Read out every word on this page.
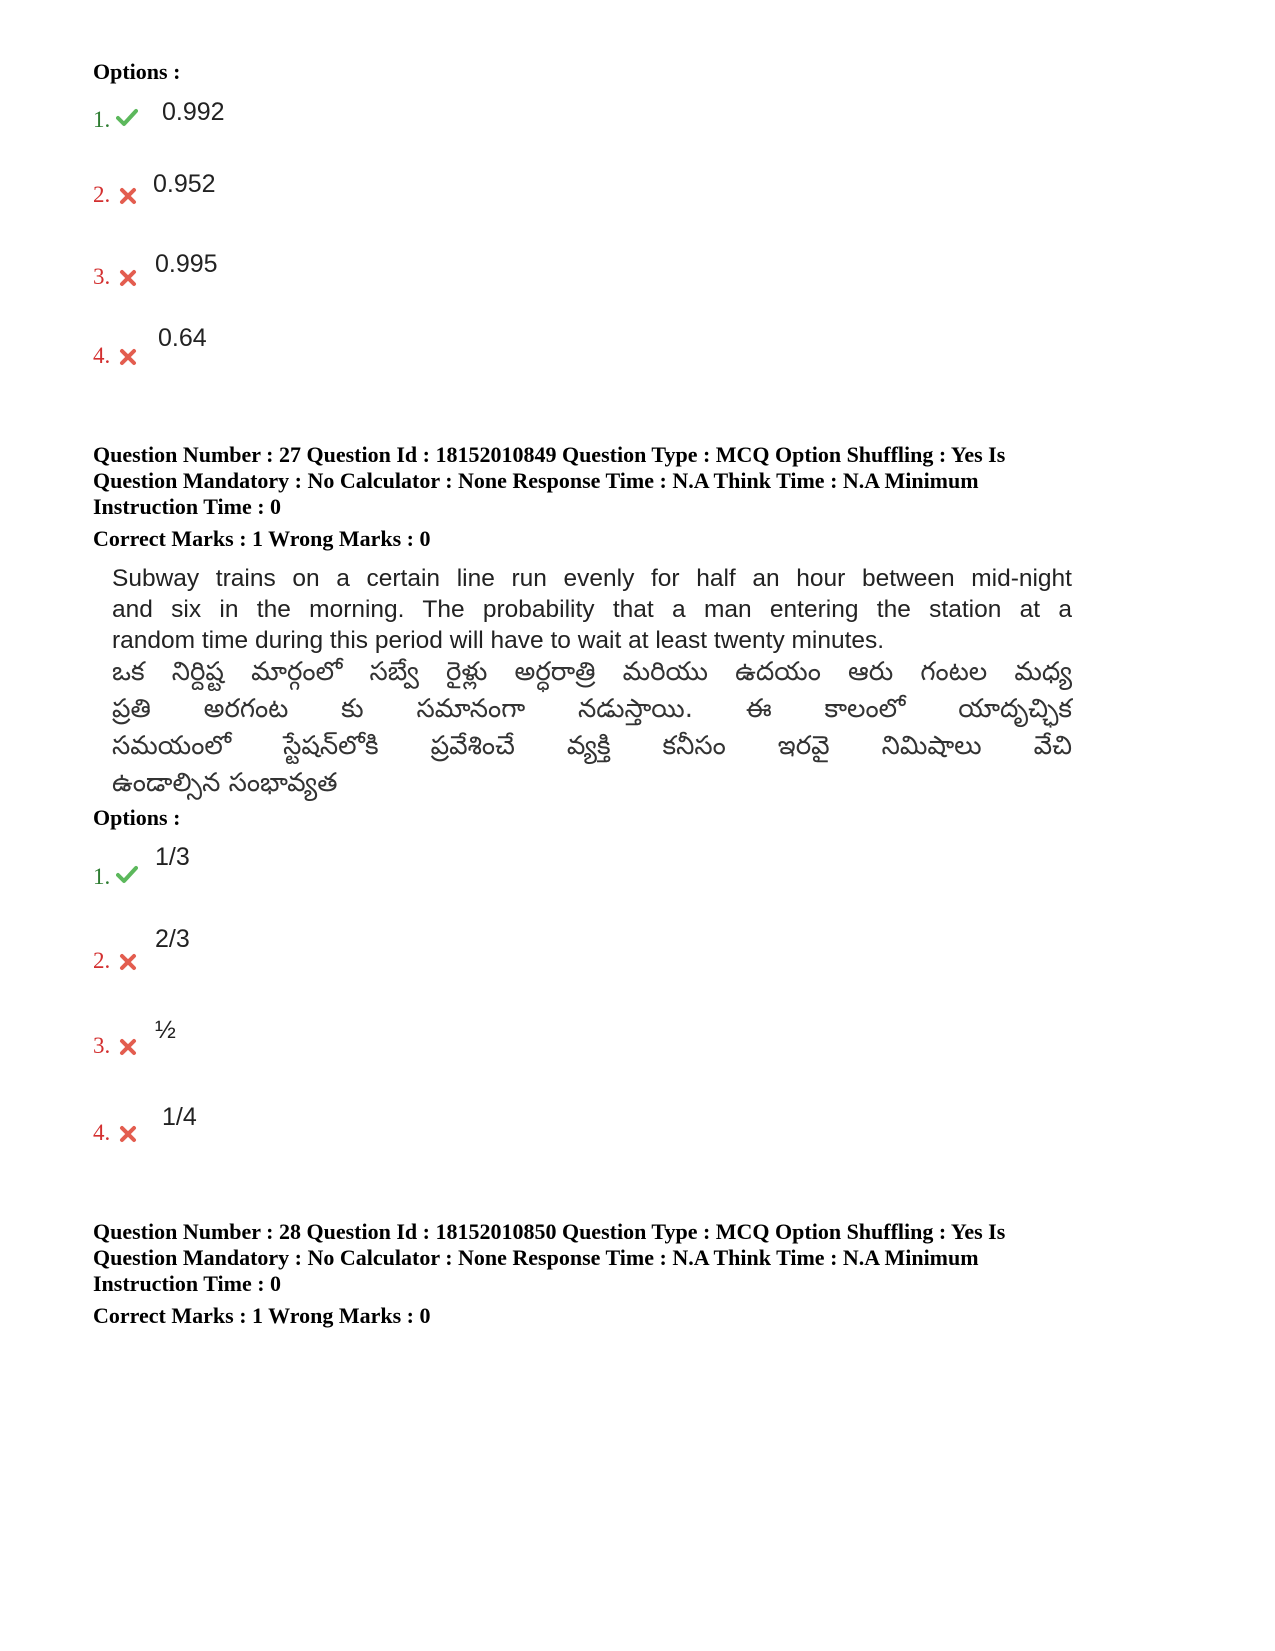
Options :
1. 0.992
2. 0.952
3. 0.995
4.
0.64
Question Number : 27 Question Id : 18152010849 Question Type : MCQ Option Shuffling : Yes Is
Question Mandatory : No Calculator : None Response Time : N.A Think Time : N.A Minimum
Instruction Time : 0
Correct Marks : 1 Wrong Marks : 0
Subway trains on a certain line run evenly for half an hour between mid-night
and six in the morning. The probability that a man entering the station at a
random time during this period will have to wait at least twenty minutes.
ఒక నిర్దిష్ట మార్గంలో సబ్వే రైళ్లు అర్ధరాత్రి మరియు ఉదయం ఆరు గంటల మధ్య
ప్రతి అరగంట కు సమానంగా నడుస్తాయి. ఈ కాలంలో యాదృచ్ఛిక
సమయంలో స్టేషన్‌లోకి ప్రవేశించే వ్యక్తి కనీసం ఇరవై నిమిషాలు వేచి
ఉండాల్సిన సంభావ్యత
Options :
1.
1/3
2.
2/3
3.
½
4.
1/4
Question Number : 28 Question Id : 18152010850 Question Type : MCQ Option Shuffling : Yes Is
Question Mandatory : No Calculator : None Response Time : N.A Think Time : N.A Minimum
Instruction Time : 0
Correct Marks : 1 Wrong Marks : 0
